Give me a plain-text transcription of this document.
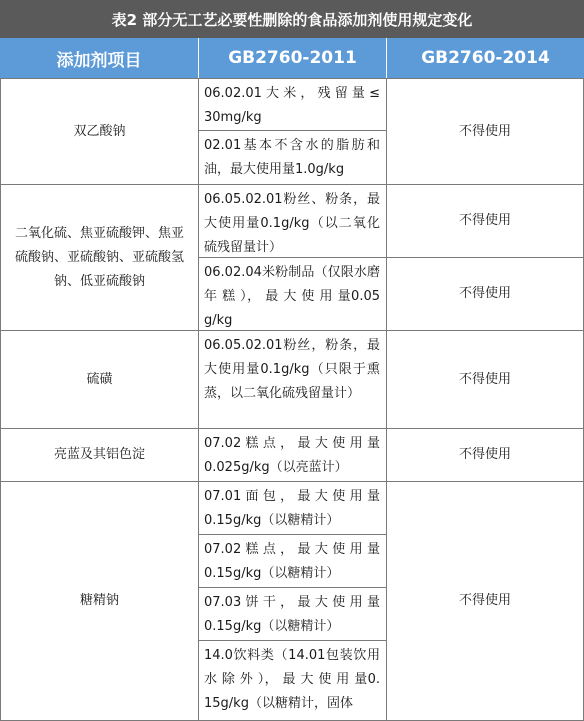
表2 部分无工艺必要性删除的食品添加剂使用规定变化
添加剂项目	GB2760-2011	GB2760-2014
双乙酸钠
06.02.01 大 米 ， 残 留 量 ≤30mg/kg
02.01基本不含水的脂肪和油，最大使用量1.0g/kg
不得使用
二氧化硫、焦亚硫酸钾、焦亚硫酸钠、亚硫酸钠、亚硫酸氢钠、低亚硫酸钠
06.05.02.01粉丝、粉条，最大使用量0.1g/kg（以二氧化硫残留量计）
06.02.04米粉制品（仅限水磨年 糕 ）， 最 大 使 用 量0.05g/kg
不得使用
不得使用
硫磺
06.05.02.01粉丝，粉条，最大使用量0.1g/kg（只限于熏蒸，以二氧化硫残留量计）
不得使用
亮蓝及其铝色淀
07.02 糕 点 ， 最 大 使 用 量0.025g/kg（以亮蓝计）
不得使用
糖精钠
07.01 面 包 ， 最 大 使 用 量0.15g/kg（以糖精计）
07.02 糕 点 ， 最 大 使 用 量0.15g/kg（以糖精计）
07.03 饼 干 ， 最 大 使 用 量0.15g/kg（以糖精计）
14.0饮料类（14.01包装饮用水 除 外 ）， 最 大 使 用 量0.15g/kg（以糖精计，固体
不得使用
